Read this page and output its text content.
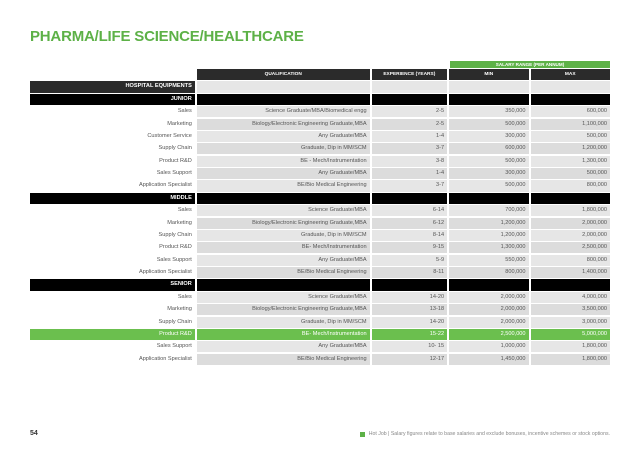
PHARMA/LIFE SCIENCE/HEALTHCARE
SALARY RANGE (PER ANNUM)
QUALIFICATION	EXPERIENCE (YEARS)	MIN	MAX
HOSPITAL EQUIPMENTS
JUNIOR
Sales	Science Graduate/MBA/Biomedical engg	2-5	350,000	600,000
Marketing	Biology/Electronic Engineering Graduate,MBA	2-5	500,000	1,100,000
Customer Service	Any Graduate/MBA	1-4	300,000	500,000
Supply Chain	Graduate, Dip in MM/SCM	3-7	600,000	1,200,000
Product R&D	BE - Mech/Instrumentation	3-8	500,000	1,300,000
Sales Support	Any Graduate/MBA	1-4	300,000	500,000
Application Specialist	BE/Bio Medical Engineering	3-7	500,000	800,000
MIDDLE
Sales	Science Graduate/MBA	6-14	700,000	1,800,000
Marketing	Biology/Electronic Engineering Graduate,MBA	6-12	1,200,000	2,000,000
Supply Chain	Graduate, Dip in MM/SCM	8-14	1,200,000	2,000,000
Product R&D	BE- Mech/Instrumentation	9-15	1,300,000	2,500,000
Sales Support	Any Graduate/MBA	5-9	550,000	800,000
Application Specialist	BE/Bio Medical Engineering	8-11	800,000	1,400,000
SENIOR
Sales	Science Graduate/MBA	14-20	2,000,000	4,000,000
Marketing	Biology/Electronic Engineering Graduate,MBA	13-18	2,000,000	3,500,000
Supply Chain	Graduate, Dip in MM/SCM	14-20	2,000,000	3,000,000
Product R&D	BE- Mech/Instrumentation	15-22	2,500,000	5,000,000
Sales Support	Any Graduate/MBA	10- 15	1,000,000	1,800,000
Application Specialist	BE/Bio Medical Engineering	12-17	1,450,000	1,800,000
54	Hot Job | Salary figures relate to base salaries and exclude bonuses, incentive schemes or stock options.
